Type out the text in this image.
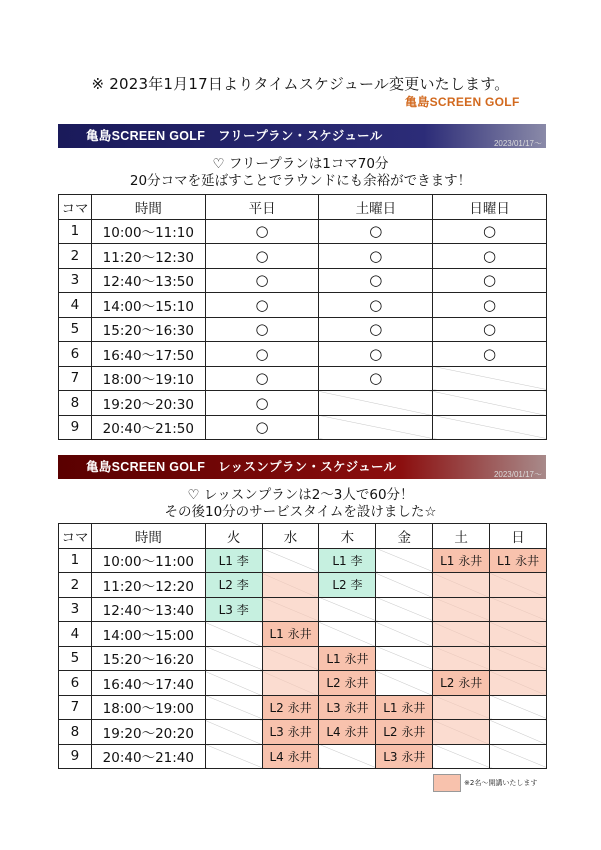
※ 2023年1月17日よりタイムスケジュール変更いたします。
亀島SCREEN GOLF
亀島SCREEN GOLF　フリープラン・スケジュール
2023/01/17～
♡ フリープランは1コマ70分
20分コマを延ばすことでラウンドにも余裕ができます！
コマ	時間	平日	土曜日	日曜日
1	10:00～11:10	○	○	○
2	11:20～12:30	○	○	○
3	12:40～13:50	○	○	○
4	14:00～15:10	○	○	○
5	15:20～16:30	○	○	○
6	16:40～17:50	○	○	○
7	18:00～19:10	○	○	
8	19:20～20:30	○		
9	20:40～21:50	○		
亀島SCREEN GOLF　レッスンプラン・スケジュール
2023/01/17～
♡ レッスンプランは2～3人で60分！
その後10分のサービスタイムを設けました☆
コマ	時間	火	水	木	金	土	日
1	10:00～11:00	L1 李		L1 李		L1 永井	L1 永井
2	11:20～12:20	L2 李		L2 李			
3	12:40～13:40	L3 李					
4	14:00～15:00		L1 永井				
5	15:20～16:20			L1 永井			
6	16:40～17:40			L2 永井		L2 永井	
7	18:00～19:00		L2 永井	L3 永井	L1 永井		
8	19:20～20:20		L3 永井	L4 永井	L2 永井		
9	20:40～21:40		L4 永井		L3 永井		
※2名～開講いたします
